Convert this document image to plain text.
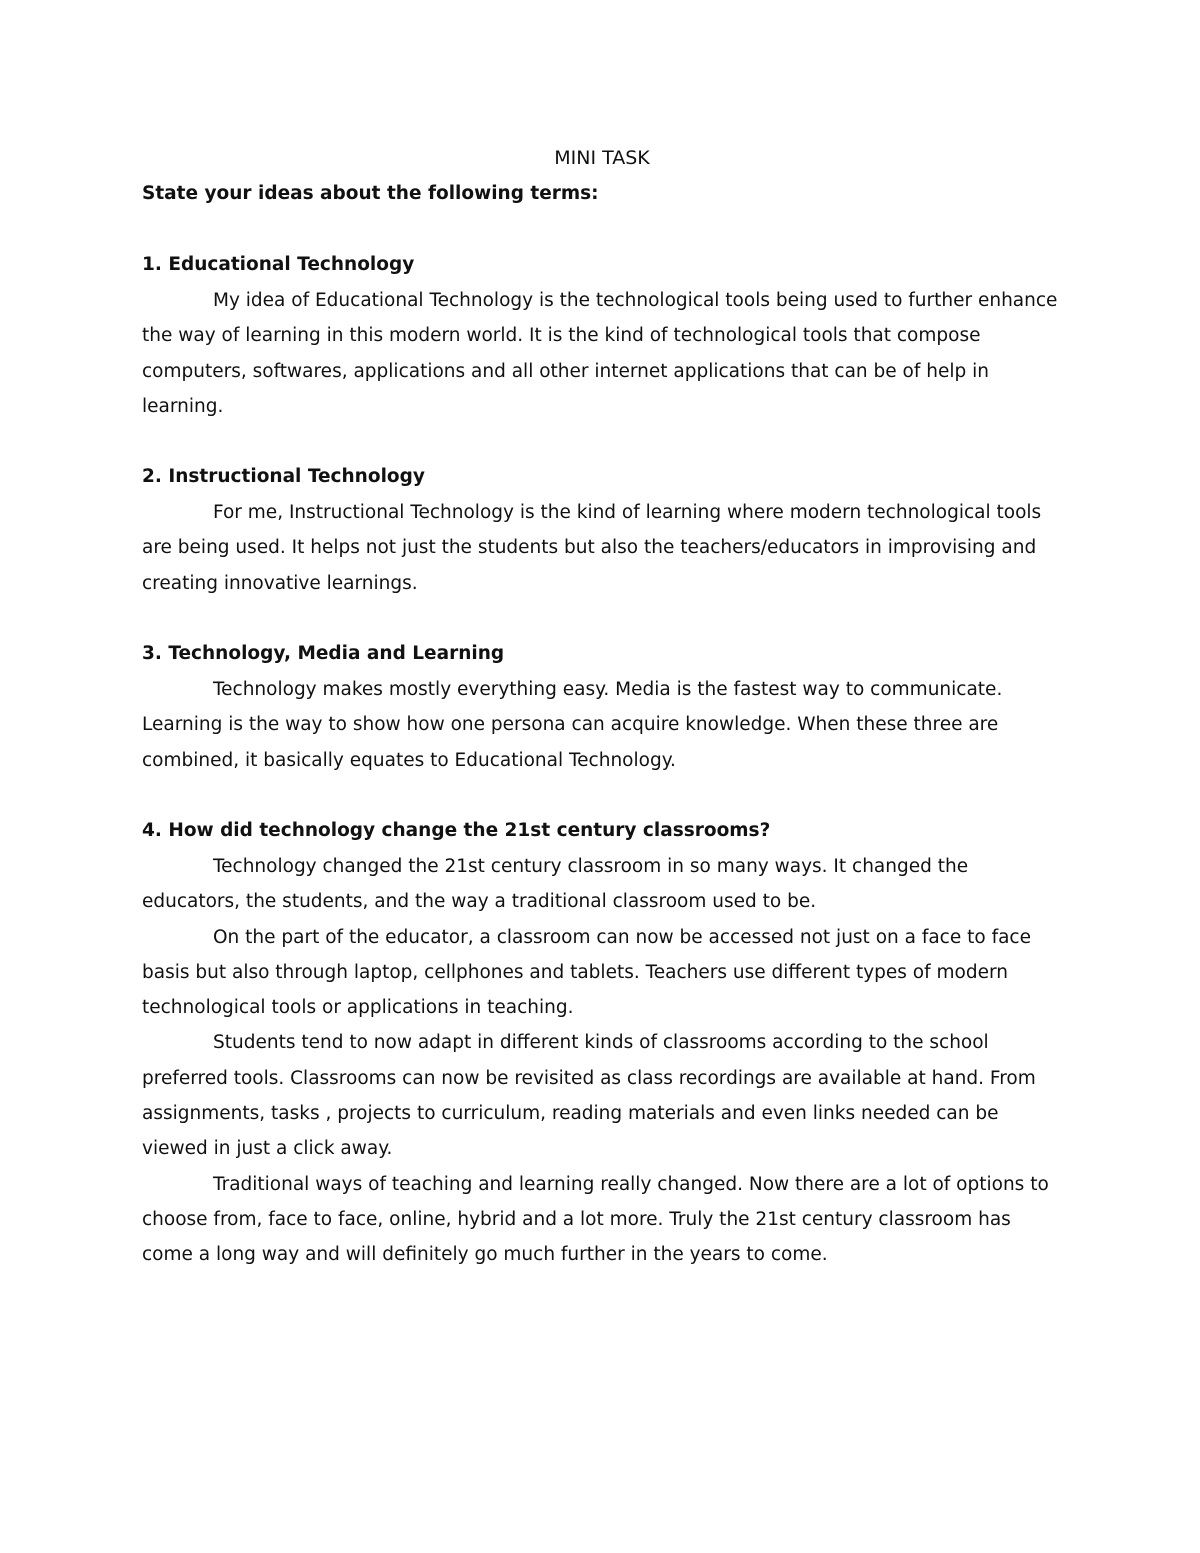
MINI TASK

State your ideas about the following terms:

1. Educational Technology

My idea of Educational Technology is the technological tools being used to further enhance the way of learning in this modern world. It is the kind of technological tools that compose computers, softwares, applications and all other internet applications that can be of help in learning.

2. Instructional Technology

For me, Instructional Technology is the kind of learning where modern technological tools are being used. It helps not just the students but also the teachers/educators in improvising and creating innovative learnings.

3. Technology, Media and Learning

Technology makes mostly everything easy. Media is the fastest way to communicate. Learning is the way to show how one persona can acquire knowledge. When these three are combined, it basically equates to Educational Technology.

4. How did technology change the 21st century classrooms?

Technology changed the 21st century classroom in so many ways. It changed the educators, the students, and the way a traditional classroom used to be.

On the part of the educator, a classroom can now be accessed not just on a face to face basis but also through laptop, cellphones and tablets. Teachers use different types of modern technological tools or applications in teaching.

Students tend to now adapt in different kinds of classrooms according to the school preferred tools. Classrooms can now be revisited as class recordings are available at hand. From assignments, tasks , projects to curriculum, reading materials and even links needed can be viewed in just a click away.

Traditional ways of teaching and learning really changed. Now there are a lot of options to choose from, face to face, online, hybrid and a lot more. Truly the 21st century classroom has come a long way and will definitely go much further in the years to come.
